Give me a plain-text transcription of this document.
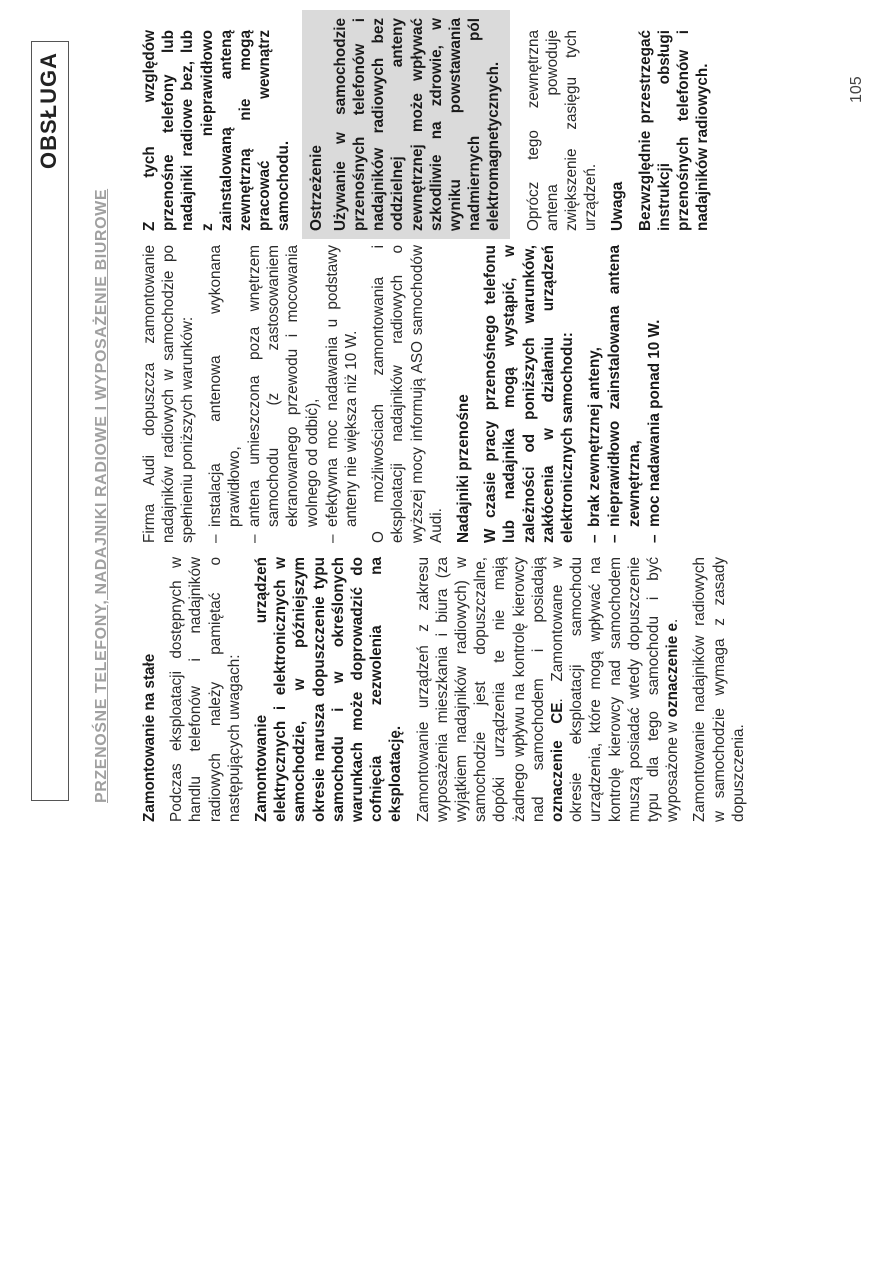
OBSŁUGA
PRZENOŚNE TELEFONY, NADAJNIKI RADIOWE I WYPOSAŻENIE BIUROWE Zamontowanie na stałe Podczas eksploatacji dostępnych w handlu telefonów i nadajników radiowych należy pamiętać o następujących uwagach: Zamontowanie urządzeń elektrycznych i elektronicznych w samochodzie, w późniejszym okresie narusza dopuszczenie typu samochodu i w określonych warunkach może doprowadzić do cofnięcia zezwolenia na eksploatację. Zamontowanie urządzeń z zakresu wyposażenia mieszkania i biura (za wyjątkiem nadajników radiowych) w samochodzie jest dopuszczalne, dopóki urządzenia te nie mają żadnego wpływu na kontrolę kierowcy nad samochodem i posiadają oznaczenie CE. Zamontowane w okresie eksploatacji samochodu urządzenia, które mogą wpływać na kontrolę kierowcy nad samochodem muszą posiadać wtedy dopuszczenie typu dla tego samochodu i być wyposażone w oznaczenie e. Zamontowanie nadajników radiowych w samochodzie wymaga z zasady dopuszczenia.

Firma Audi dopuszcza zamontowanie nadajników radiowych w samochodzie po spełnieniu poniższych warunków: – instalacja antenowa wykonana prawidłowo, – antena umieszczona poza wnętrzem samochodu (z zastosowaniem ekranowanego przewodu i mocowania wolnego od odbić), – efektywna moc nadawania u podstawy anteny nie większa niż 10 W. O możliwościach zamontowania i eksploatacji nadajników radiowych o wyższej mocy informują ASO samochodów Audi. Nadajniki przenośne W czasie pracy przenośnego telefonu lub nadajnika mogą wystąpić, w zależności od poniższych warunków, zakłócenia w działaniu urządzeń elektronicznych samochodu: – brak zewnętrznej anteny, – nieprawidłowo zainstalowana antena zewnętrzna, – moc nadawania ponad 10 W.

Z tych względów przenośne telefony lub nadajniki radiowe bez, lub z nieprawidłowo zainstalowaną anteną zewnętrzną nie mogą pracować wewnątrz samochodu. Ostrzeżenie Używanie w samochodzie przenośnych telefonów i nadajników radiowych bez oddzielnej anteny zewnętrznej może wpływać szkodliwie na zdrowie, w wyniku powstawania nadmiernych pól elektromagnetycznych. Oprócz tego zewnętrzna antena powoduje zwiększenie zasięgu tych urządzeń. Uwaga Bezwzględnie przestrzegać instrukcji obsługi przenośnych telefonów i nadajników radiowych.	105
